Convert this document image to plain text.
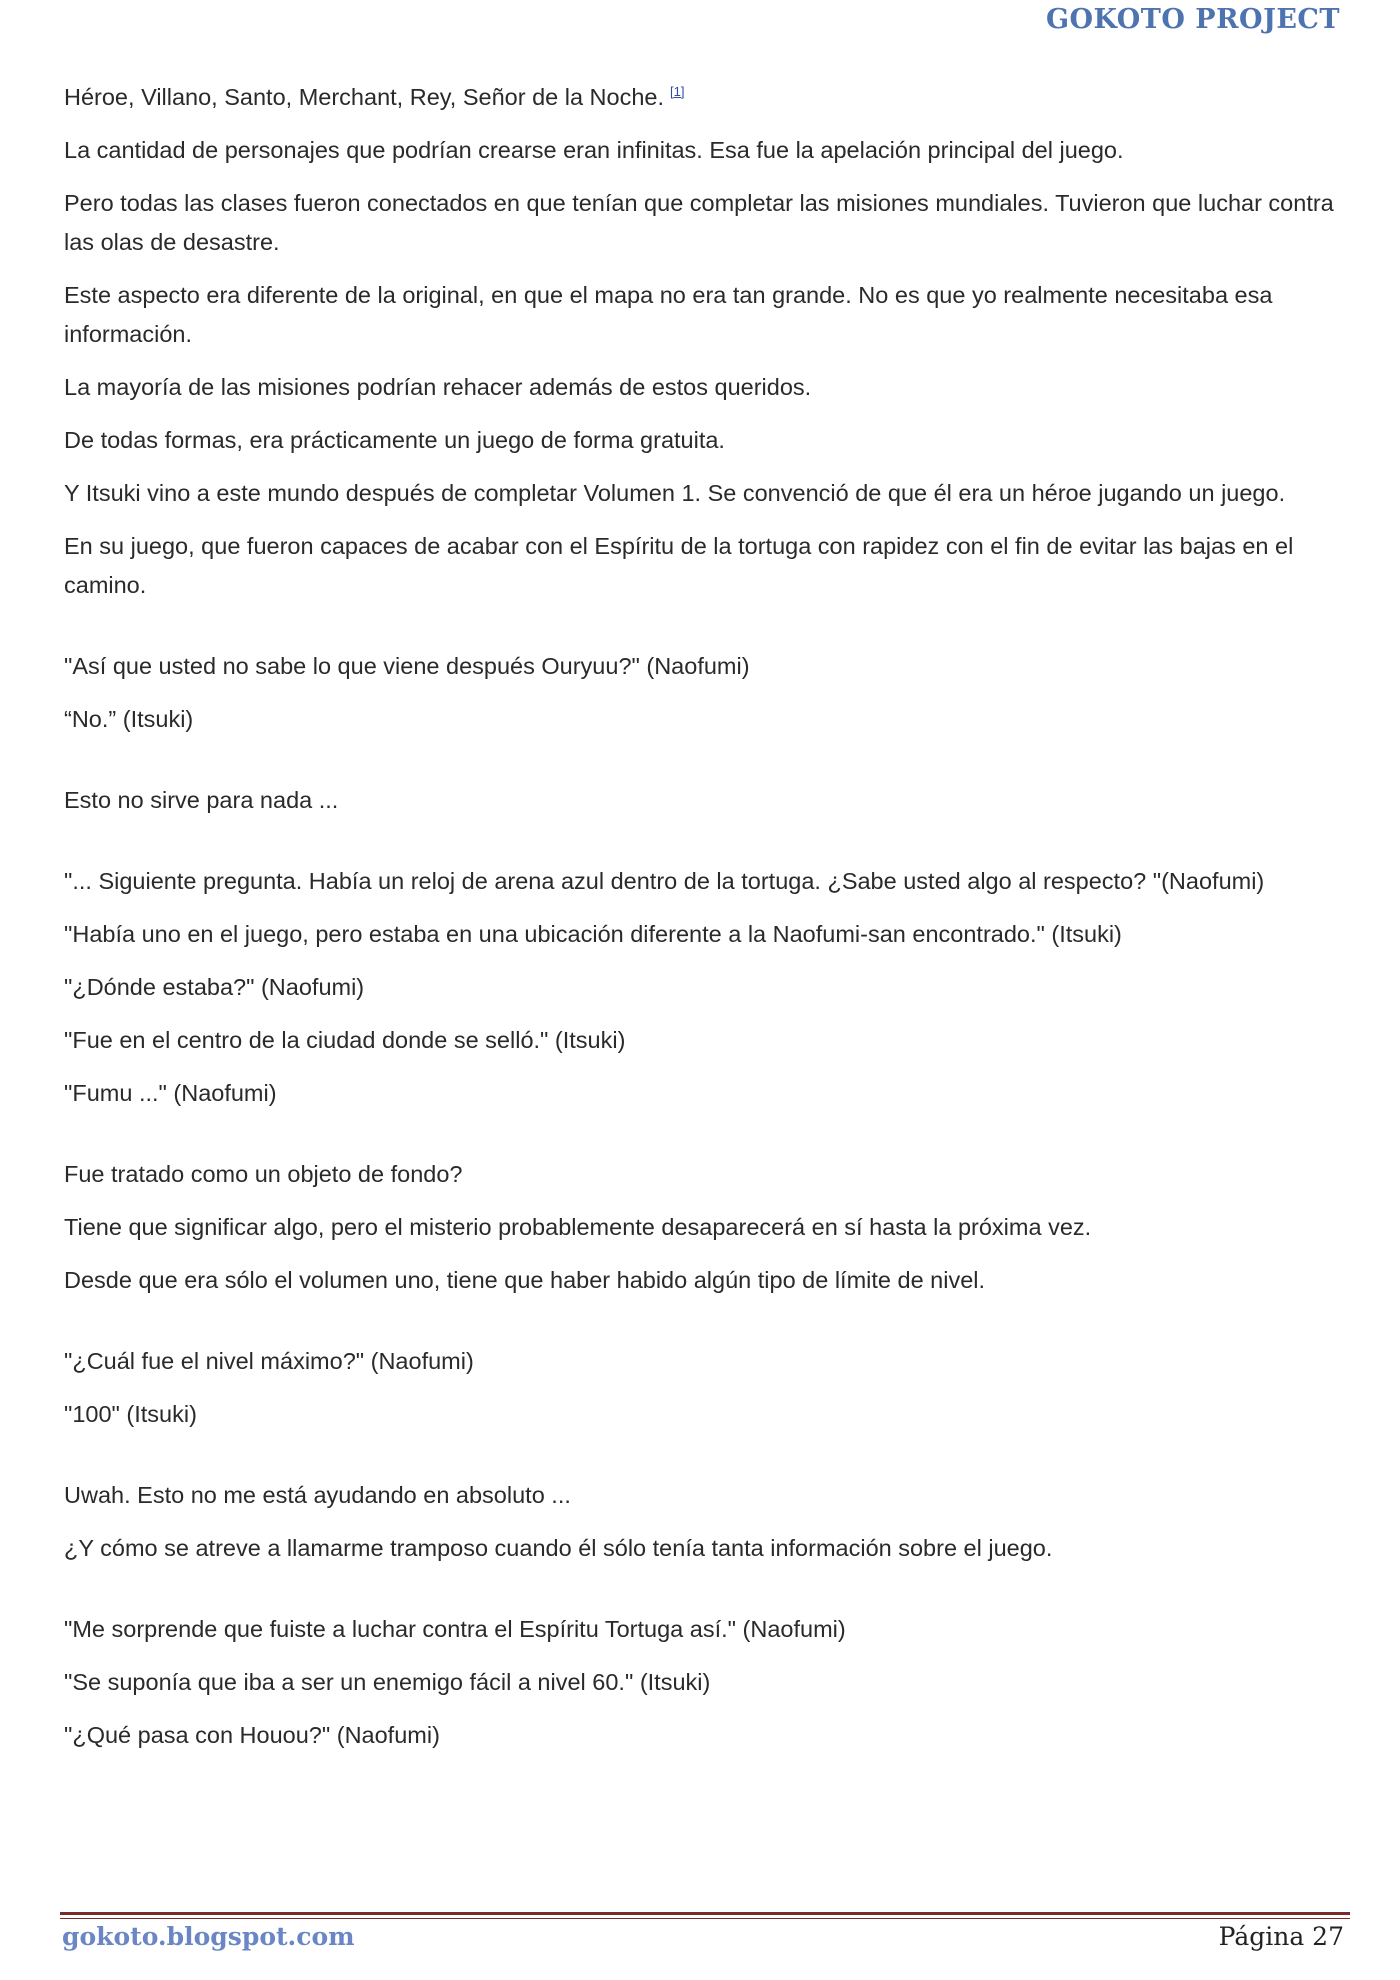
GOKOTO PROJECT

Héroe, Villano, Santo, Merchant, Rey, Señor de la Noche. [1]

La cantidad de personajes que podrían crearse eran infinitas. Esa fue la apelación principal del juego.

Pero todas las clases fueron conectados en que tenían que completar las misiones mundiales. Tuvieron que luchar contra las olas de desastre.

Este aspecto era diferente de la original, en que el mapa no era tan grande. No es que yo realmente necesitaba esa información.

La mayoría de las misiones podrían rehacer además de estos queridos.

De todas formas, era prácticamente un juego de forma gratuita.

Y Itsuki vino a este mundo después de completar Volumen 1. Se convenció de que él era un héroe jugando un juego.

En su juego, que fueron capaces de acabar con el Espíritu de la tortuga con rapidez con el fin de evitar las bajas en el camino.

"Así que usted no sabe lo que viene después Ouryuu?" (Naofumi)

“No.” (Itsuki)

Esto no sirve para nada ...

"... Siguiente pregunta. Había un reloj de arena azul dentro de la tortuga. ¿Sabe usted algo al respecto? "(Naofumi)

"Había uno en el juego, pero estaba en una ubicación diferente a la Naofumi-san encontrado." (Itsuki)

"¿Dónde estaba?" (Naofumi)

"Fue en el centro de la ciudad donde se selló." (Itsuki)

"Fumu ..." (Naofumi)

Fue tratado como un objeto de fondo?

Tiene que significar algo, pero el misterio probablemente desaparecerá en sí hasta la próxima vez.

Desde que era sólo el volumen uno, tiene que haber habido algún tipo de límite de nivel.

"¿Cuál fue el nivel máximo?" (Naofumi)

"100" (Itsuki)

Uwah. Esto no me está ayudando en absoluto ...

¿Y cómo se atreve a llamarme tramposo cuando él sólo tenía tanta información sobre el juego.

"Me sorprende que fuiste a luchar contra el Espíritu Tortuga así." (Naofumi)

"Se suponía que iba a ser un enemigo fácil a nivel 60." (Itsuki)

"¿Qué pasa con Houou?" (Naofumi)

gokoto.blogspot.com	Página 27
